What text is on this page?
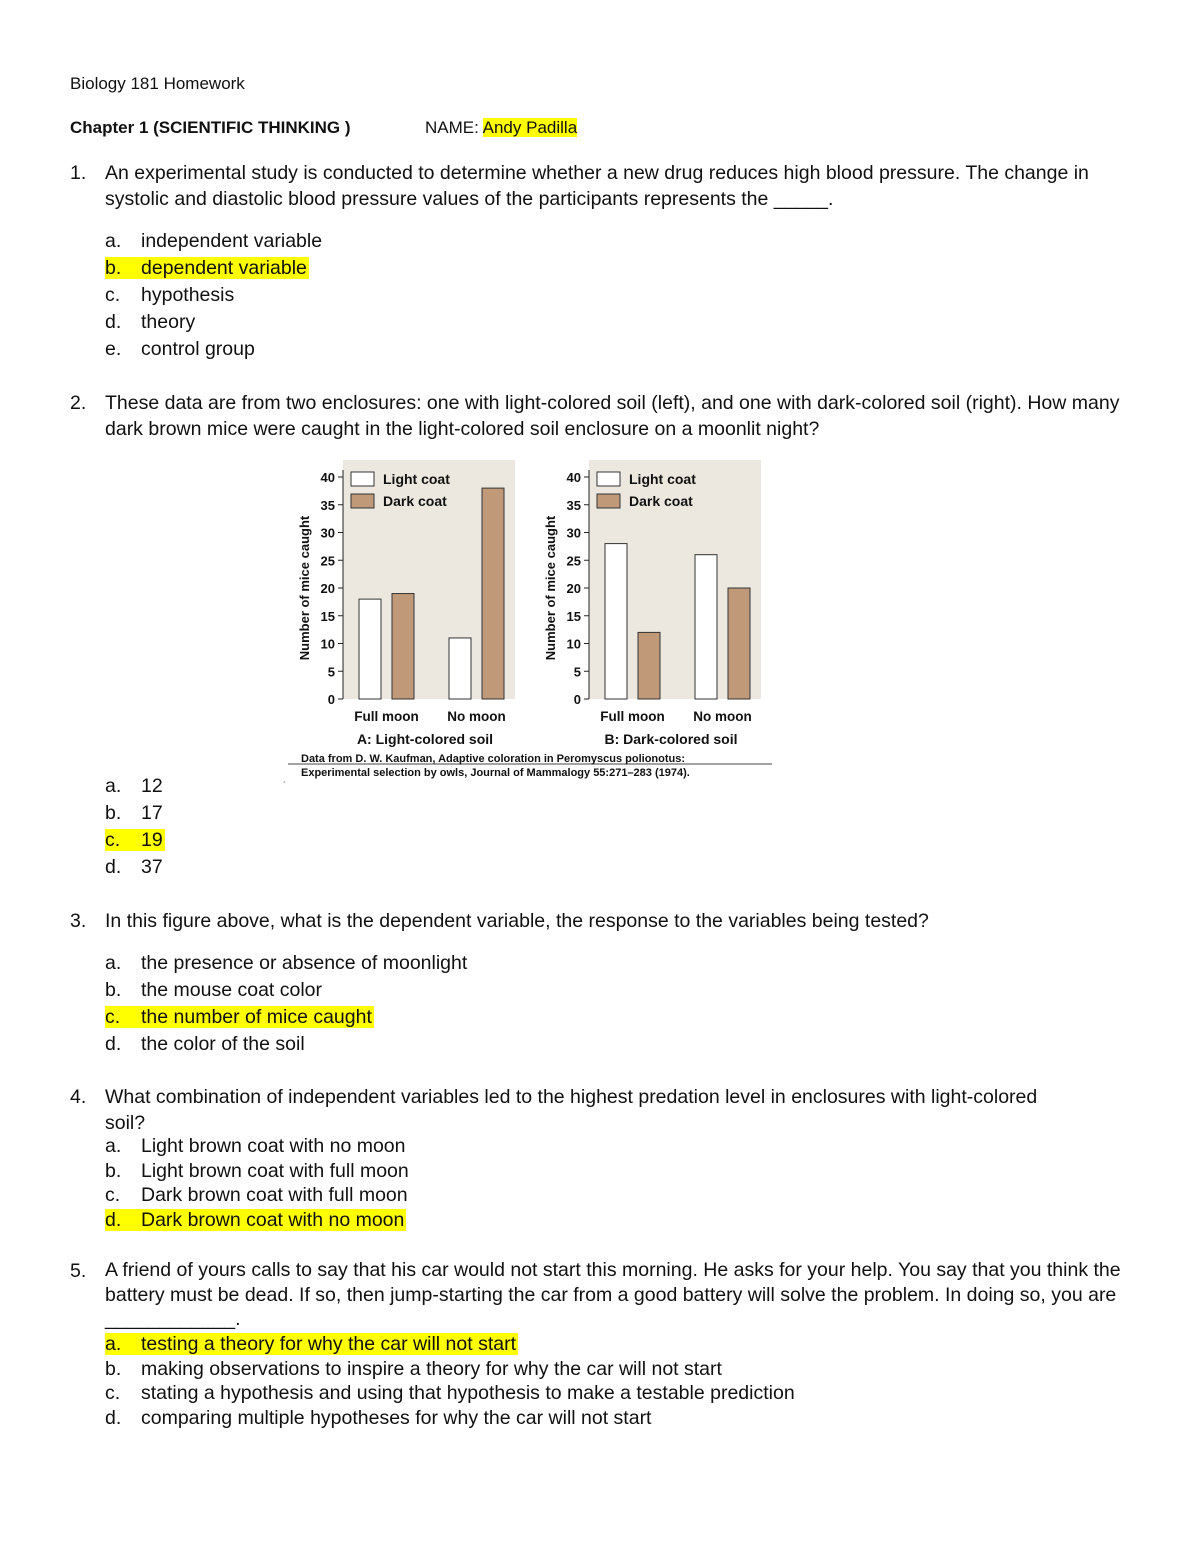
Biology 181 Homework
Chapter 1 (SCIENTIFIC THINKING )	NAME: Andy Padilla
1. An experimental study is conducted to determine whether a new drug reduces high blood pressure. The change in systolic and diastolic blood pressure values of the participants represents the _____.
a. independent variable
b. dependent variable
c. hypothesis
d. theory
e. control group
2. These data are from two enclosures: one with light-colored soil (left), and one with dark-colored soil (right). How many dark brown mice were caught in the light-colored soil enclosure on a moonlit night?
0
5
10
15
20
25
30
35
40
Number of mice caught
Full moon No moon
Light coat
Dark coat
A: Light-colored soil
0
5
10
15
20
25
30
35
40
Number of mice caught
Full moon No moon
Light coat
Dark coat
B: Dark-colored soil
Data from D. W. Kaufman, Adaptive coloration in Peromyscus polionotus:
Experimental selection by owls, Journal of Mammalogy 55:271–283 (1974).
´
a. 12
b. 17
c. 19
d. 37
3. In this figure above, what is the dependent variable, the response to the variables being tested?
a. the presence or absence of moonlight
b. the mouse coat color
c. the number of mice caught
d. the color of the soil
4. What combination of independent variables led to the highest predation level in enclosures with light-colored soil?
a. Light brown coat with no moon
b. Light brown coat with full moon
c. Dark brown coat with full moon
d. Dark brown coat with no moon
5. A friend of yours calls to say that his car would not start this morning. He asks for your help. You say that you think the battery must be dead. If so, then jump-starting the car from a good battery will solve the problem. In doing so, you are ____________.
a. testing a theory for why the car will not start
b. making observations to inspire a theory for why the car will not start
c. stating a hypothesis and using that hypothesis to make a testable prediction
d. comparing multiple hypotheses for why the car will not start
